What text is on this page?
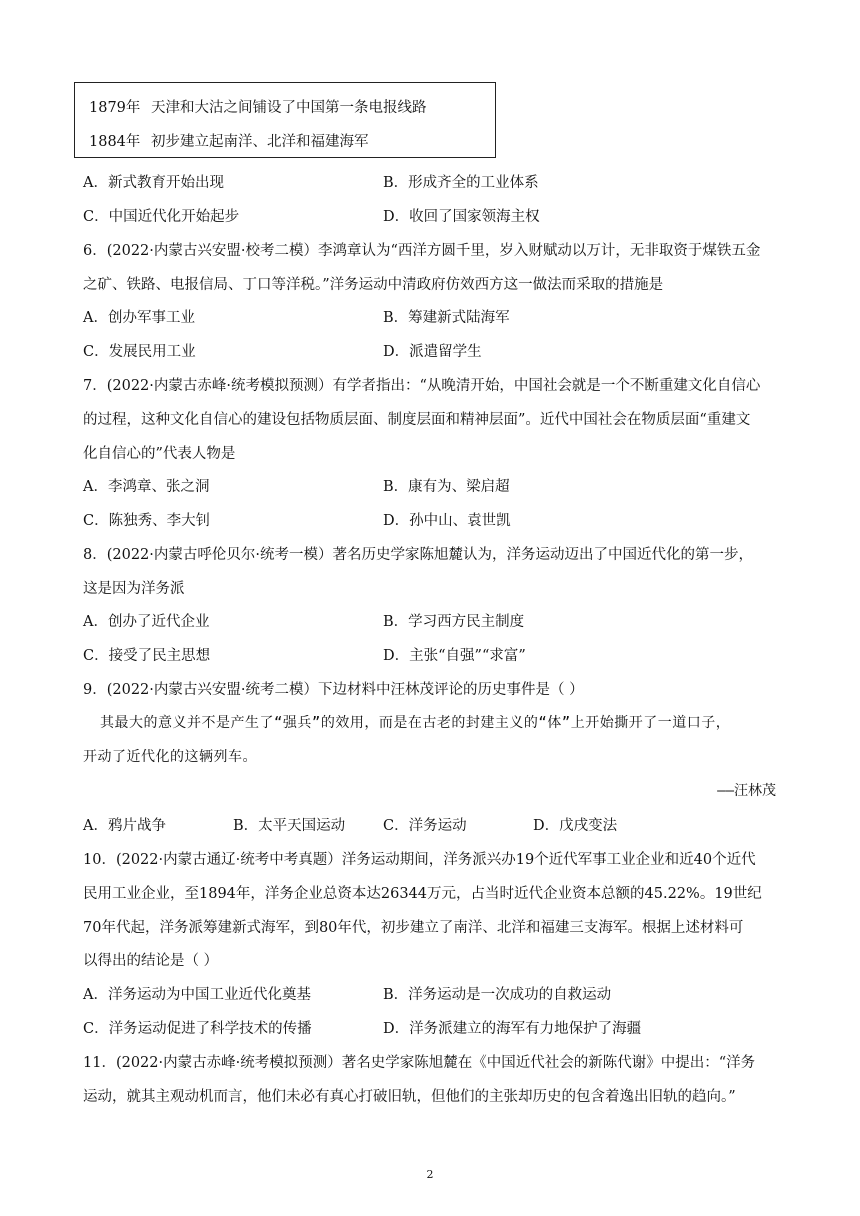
1879年 天津和大沽之间铺设了中国第一条电报线路
1884年 初步建立起南洋、北洋和福建海军
A．新式教育开始出现	B．形成齐全的工业体系
C．中国近代化开始起步	D．收回了国家领海主权
6．(2022·内蒙古兴安盟·校考二模）李鸿章认为“西洋方圆千里，岁入财赋动以万计，无非取资于煤铁五金
之矿、铁路、电报信局、丁口等洋税。”洋务运动中清政府仿效西方这一做法而采取的措施是
A．创办军事工业	B．筹建新式陆海军
C．发展民用工业	D．派遣留学生
7．(2022·内蒙古赤峰·统考模拟预测）有学者指出：“从晚清开始，中国社会就是一个不断重建文化自信心
的过程，这种文化自信心的建设包括物质层面、制度层面和精神层面”。近代中国社会在物质层面“重建文
化自信心的”代表人物是
A．李鸿章、张之洞	B．康有为、梁启超
C．陈独秀、李大钊	D．孙中山、袁世凯
8．(2022·内蒙古呼伦贝尔·统考一模）著名历史学家陈旭麓认为，洋务运动迈出了中国近代化的第一步，
这是因为洋务派
A．创办了近代企业	B．学习西方民主制度
C．接受了民主思想	D．主张“自强”“求富”
9．(2022·内蒙古兴安盟·统考二模）下边材料中汪林茂评论的历史事件是（ ）
其最大的意义并不是产生了“强兵”的效用，而是在古老的封建主义的“体”上开始撕开了一道口子，
开动了近代化的这辆列车。
——汪林茂
A．鸦片战争	B．太平天国运动	C．洋务运动	D．戊戌变法
10．(2022·内蒙古通辽·统考中考真题）洋务运动期间，洋务派兴办19个近代军事工业企业和近40个近代
民用工业企业，至1894年，洋务企业总资本达26344万元，占当时近代企业资本总额的45.22%。19世纪
70年代起，洋务派筹建新式海军，到80年代，初步建立了南洋、北洋和福建三支海军。根据上述材料可
以得出的结论是（ ）
A．洋务运动为中国工业近代化奠基	B．洋务运动是一次成功的自救运动
C．洋务运动促进了科学技术的传播	D．洋务派建立的海军有力地保护了海疆
11．(2022·内蒙古赤峰·统考模拟预测）著名史学家陈旭麓在《中国近代社会的新陈代谢》中提出：“洋务
运动，就其主观动机而言，他们未必有真心打破旧轨，但他们的主张却历史的包含着逸出旧轨的趋向。”
2
